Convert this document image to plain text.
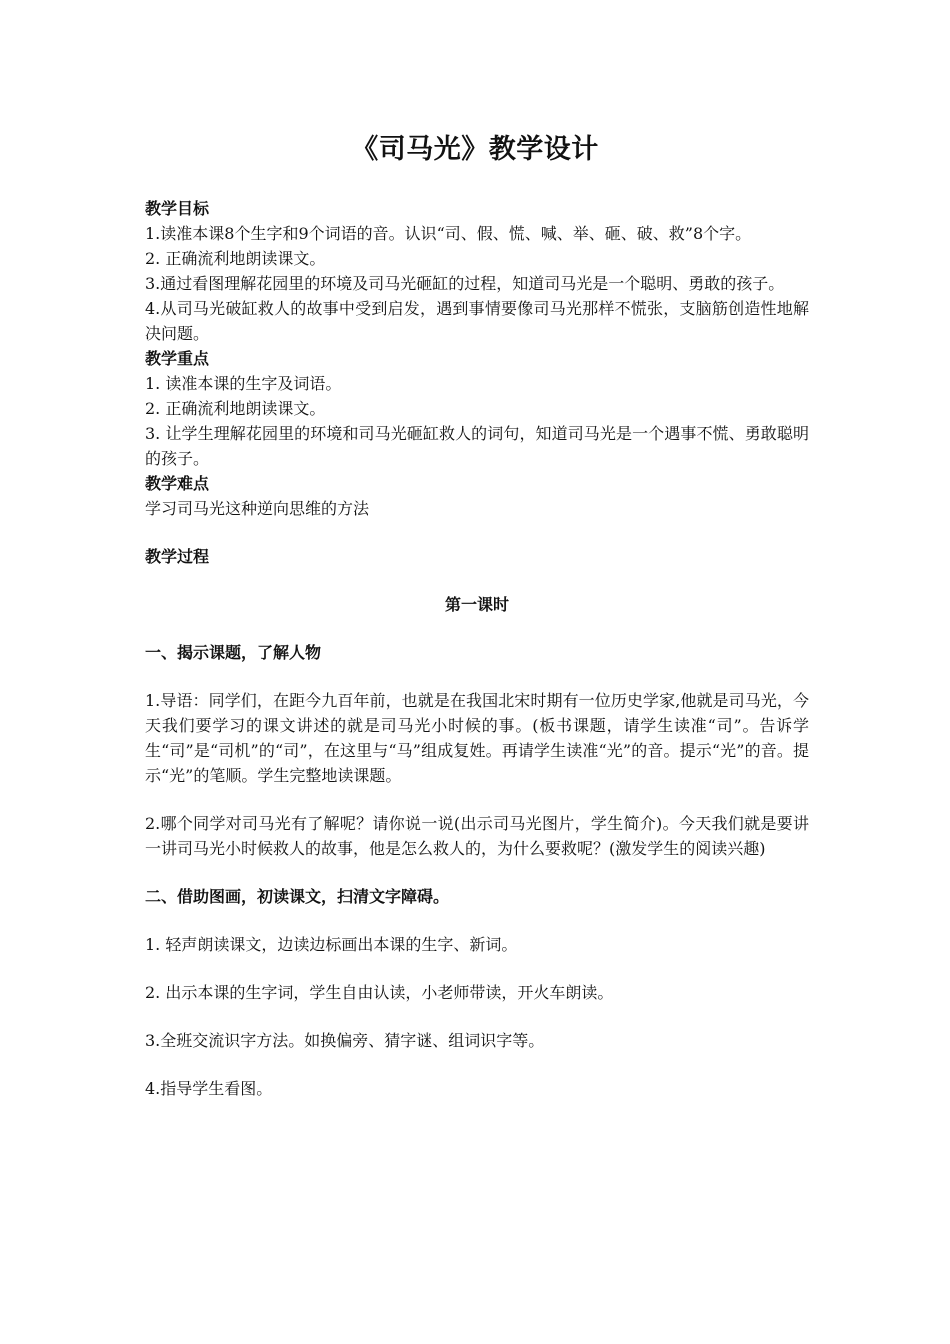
《司马光》教学设计

教学目标

1.读准本课8个生字和9个词语的音。认识“司、假、慌、喊、举、砸、破、救”8个字。

2. 正确流利地朗读课文。

3.通过看图理解花园里的环境及司马光砸缸的过程，知道司马光是一个聪明、勇敢的孩子。

4.从司马光破缸救人的故事中受到启发，遇到事情要像司马光那样不慌张，支脑筋创造性地解决问题。

教学重点

1. 读准本课的生字及词语。

2. 正确流利地朗读课文。

3. 让学生理解花园里的环境和司马光砸缸救人的词句，知道司马光是一个遇事不慌、勇敢聪明的孩子。

教学难点

学习司马光这种逆向思维的方法

教学过程

第一课时

一、揭示课题，了解人物

1.导语：同学们，在距今九百年前，也就是在我国北宋时期有一位历史学家,他就是司马光，今天我们要学习的课文讲述的就是司马光小时候的事。(板书课题，请学生读准“司”。告诉学生“司”是“司机”的“司”，在这里与“马”组成复姓。再请学生读准“光”的音。提示“光”的音。提示“光”的笔顺。学生完整地读课题。

2.哪个同学对司马光有了解呢？请你说一说(出示司马光图片，学生简介)。今天我们就是要讲一讲司马光小时候救人的故事，他是怎么救人的，为什么要救呢？(激发学生的阅读兴趣)

二、借助图画，初读课文，扫清文字障碍。

1. 轻声朗读课文，边读边标画出本课的生字、新词。

2. 出示本课的生字词，学生自由认读，小老师带读，开火车朗读。

3.全班交流识字方法。如换偏旁、猜字谜、组词识字等。

4.指导学生看图。
